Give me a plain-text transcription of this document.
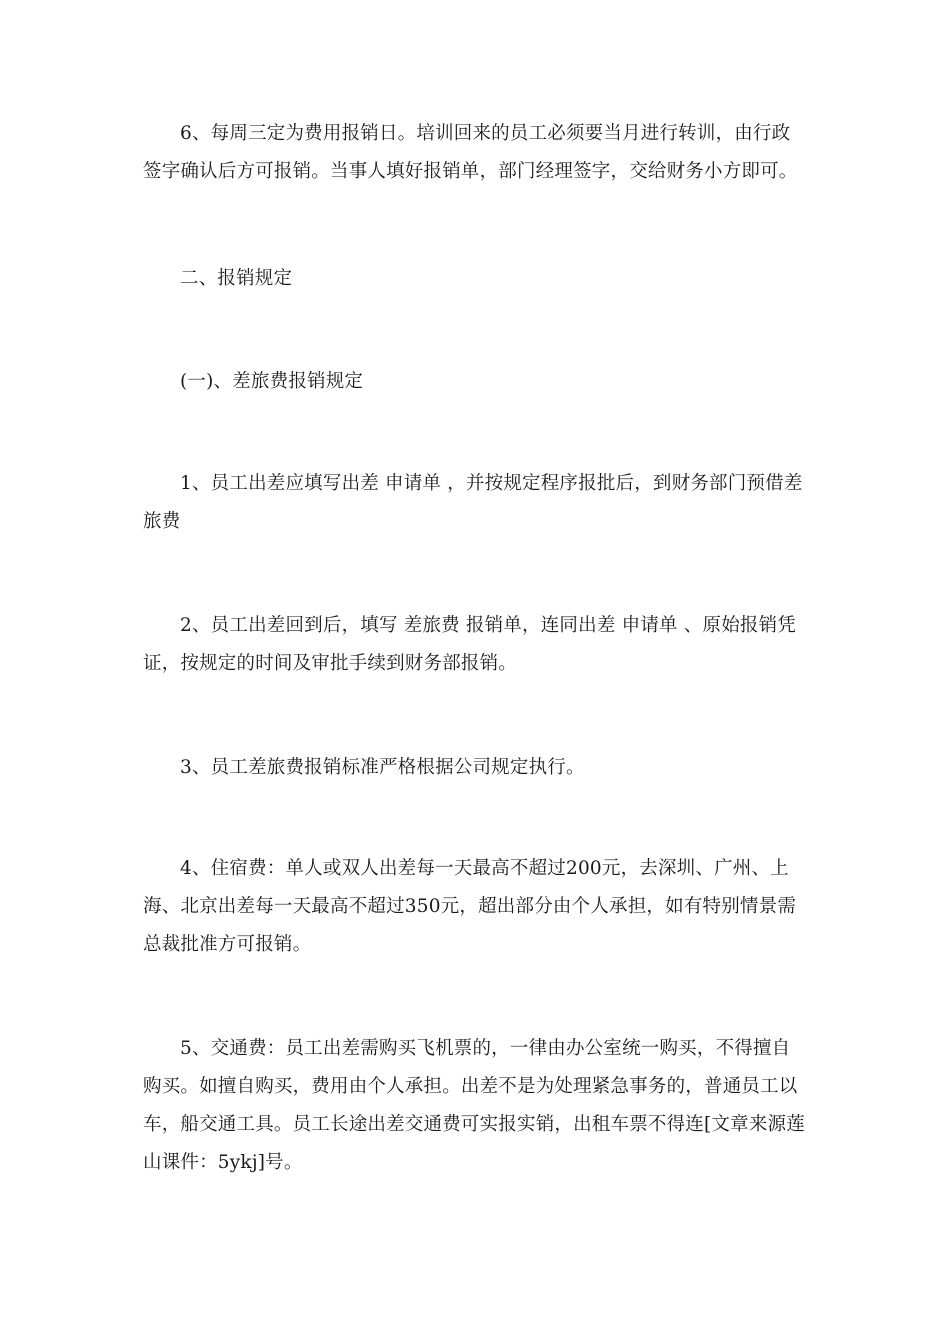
6、每周三定为费用报销日。培训回来的员工必须要当月进行转训，由行政签字确认后方可报销。当事人填好报销单，部门经理签字，交给财务小方即可。

二、报销规定

(一)、差旅费报销规定

1、员工出差应填写出差 申请单 ，并按规定程序报批后，到财务部门预借差旅费

2、员工出差回到后，填写 差旅费 报销单，连同出差 申请单 、原始报销凭证，按规定的时间及审批手续到财务部报销。

3、员工差旅费报销标准严格根据公司规定执行。

4、住宿费：单人或双人出差每一天最高不超过200元，去深圳、广州、上海、北京出差每一天最高不超过350元，超出部分由个人承担，如有特别情景需总裁批准方可报销。

5、交通费：员工出差需购买飞机票的，一律由办公室统一购买，不得擅自购买。如擅自购买，费用由个人承担。出差不是为处理紧急事务的，普通员工以车，船交通工具。员工长途出差交通费可实报实销，出租车票不得连[文章来源莲山课件：5ykj]号。
